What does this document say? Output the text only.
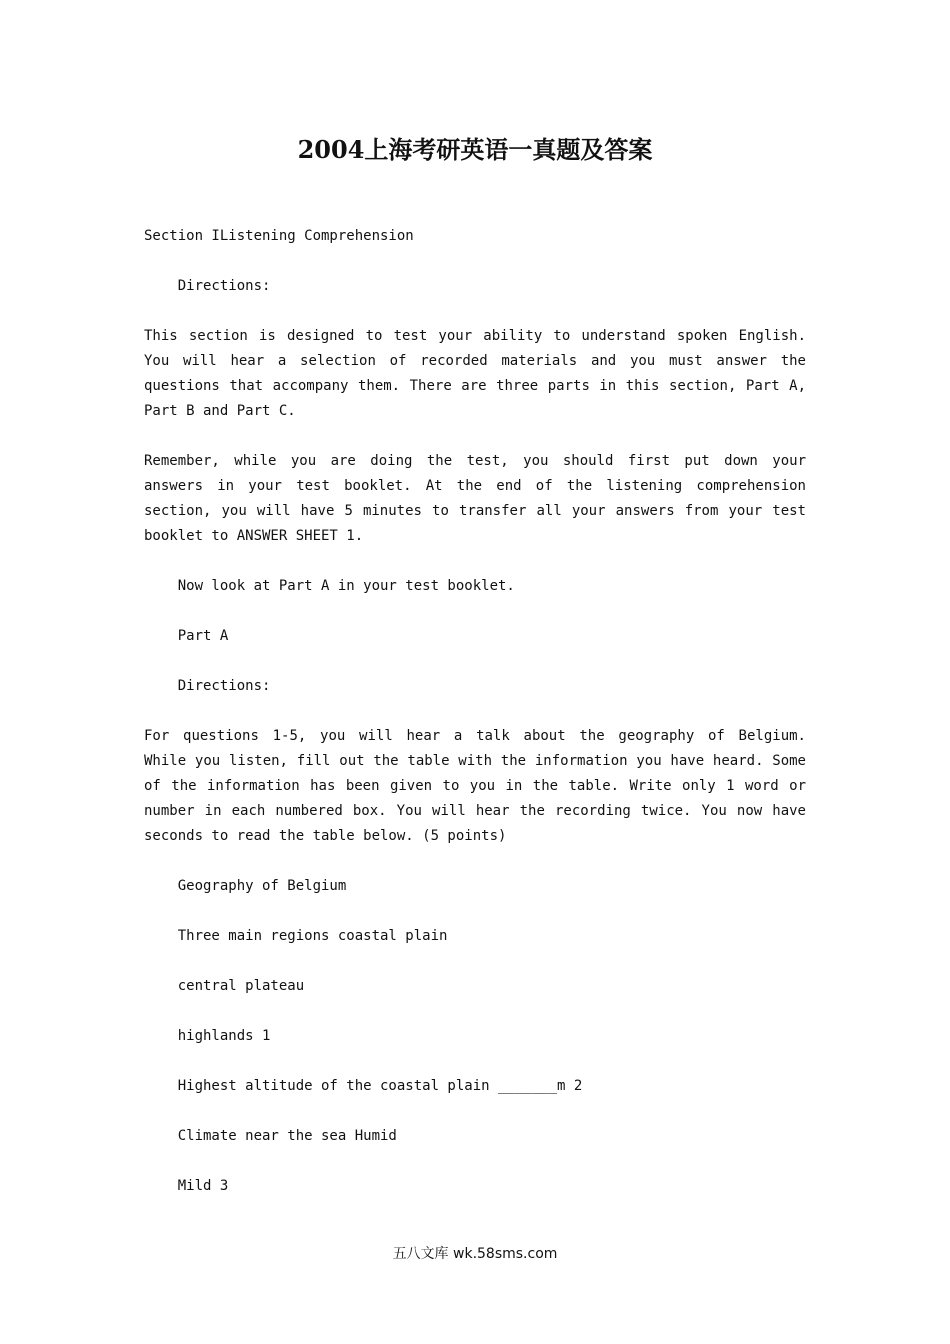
2004上海考研英语一真题及答案
Section IListening Comprehension
Directions:
This section is designed to test your ability to understand spoken English.
You will hear a selection of recorded materials and you must answer the
questions that accompany them. There are three parts in this section, Part A,
Part B and Part C.
Remember, while you are doing the test, you should first put down your
answers in your test booklet. At the end of the listening comprehension
section, you will have 5 minutes to transfer all your answers from your test
booklet to ANSWER SHEET 1.
Now look at Part A in your test booklet.
Part A
Directions:
For questions 1-5, you will hear a talk about the geography of Belgium.
While you listen, fill out the table with the information you have heard. Some
of the information has been given to you in the table. Write only 1 word or
number in each numbered box. You will hear the recording twice. You now have
seconds to read the table below. (5 points)
Geography of Belgium
Three main regions coastal plain
central plateau
highlands 1
Highest altitude of the coastal plain _______m 2
Climate near the sea Humid
Mild 3
五八文库 wk.58sms.com
